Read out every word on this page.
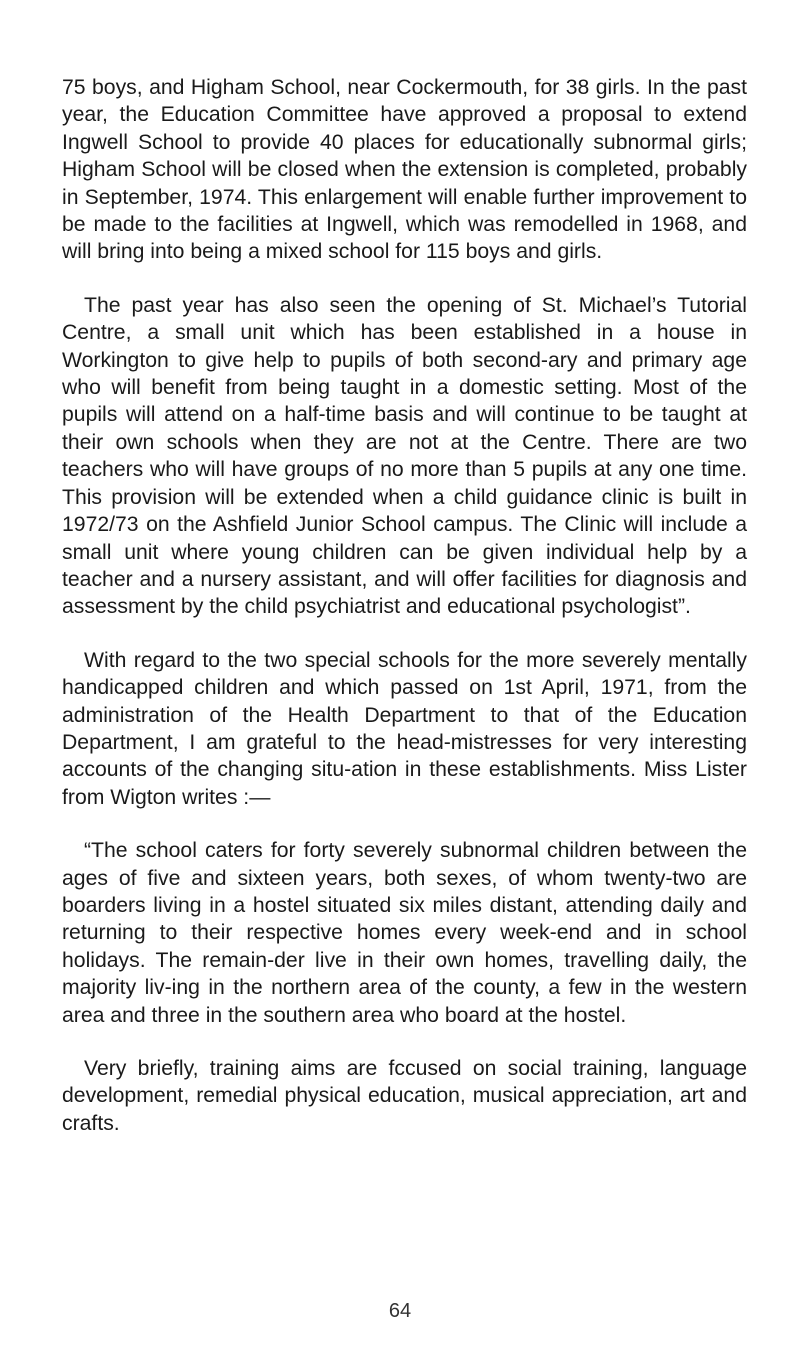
75 boys, and Higham School, near Cockermouth, for 38 girls. In the past year, the Education Committee have approved a proposal to extend Ingwell School to provide 40 places for educationally subnormal girls; Higham School will be closed when the extension is completed, probably in September, 1974. This enlargement will enable further improvement to be made to the facilities at Ingwell, which was remodelled in 1968, and will bring into being a mixed school for 115 boys and girls.

The past year has also seen the opening of St. Michael’s Tutorial Centre, a small unit which has been established in a house in Workington to give help to pupils of both second-ary and primary age who will benefit from being taught in a domestic setting. Most of the pupils will attend on a half-time basis and will continue to be taught at their own schools when they are not at the Centre. There are two teachers who will have groups of no more than 5 pupils at any one time. This provision will be extended when a child guidance clinic is built in 1972/73 on the Ashfield Junior School campus. The Clinic will include a small unit where young children can be given individual help by a teacher and a nursery assistant, and will offer facilities for diagnosis and assessment by the child psychiatrist and educational psychologist”.

With regard to the two special schools for the more severely mentally handicapped children and which passed on 1st April, 1971, from the administration of the Health Department to that of the Education Department, I am grateful to the head-mistresses for very interesting accounts of the changing situ-ation in these establishments. Miss Lister from Wigton writes :—

“The school caters for forty severely subnormal children between the ages of five and sixteen years, both sexes, of whom twenty-two are boarders living in a hostel situated six miles distant, attending daily and returning to their respective homes every week-end and in school holidays. The remain-der live in their own homes, travelling daily, the majority liv-ing in the northern area of the county, a few in the western area and three in the southern area who board at the hostel.

Very briefly, training aims are fccused on social training, language development, remedial physical education, musical appreciation, art and crafts.

64
